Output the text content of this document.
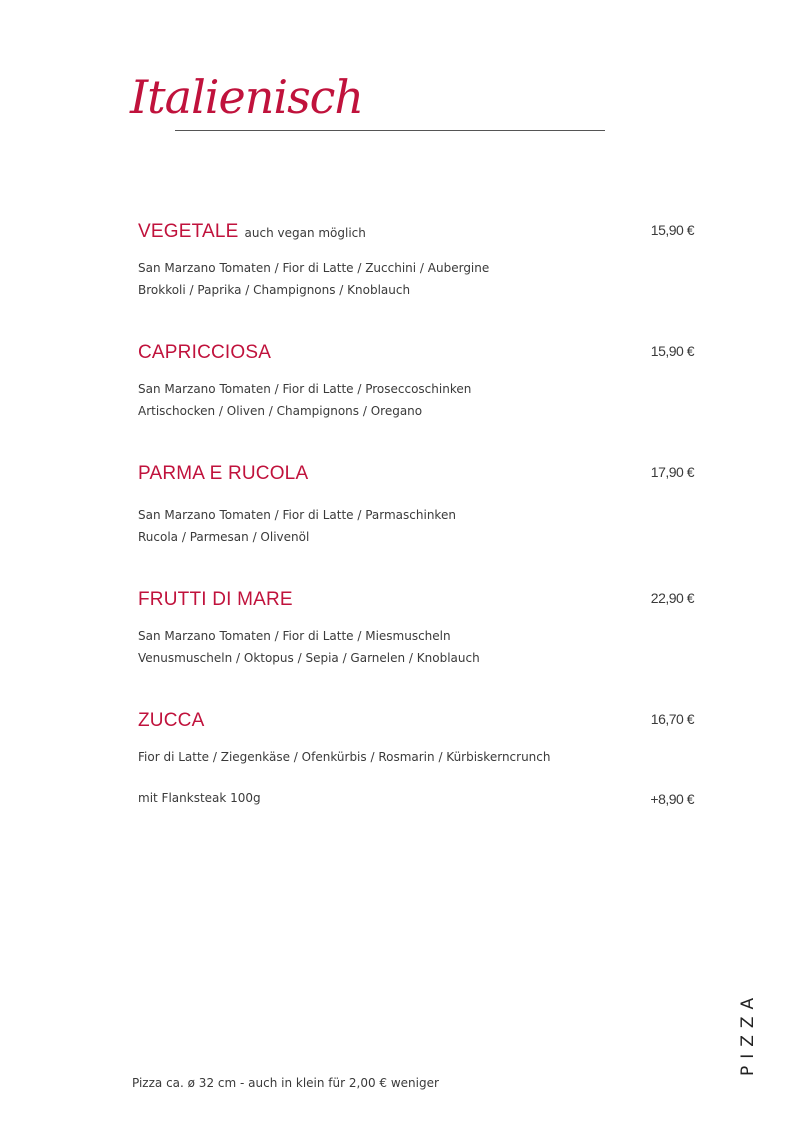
Italienisch
VEGETALE auch vegan möglich	15,90 €
San Marzano Tomaten / Fior di Latte / Zucchini / Aubergine
Brokkoli / Paprika / Champignons / Knoblauch
CAPRICCIOSA	15,90 €
San Marzano Tomaten / Fior di Latte / Proseccoschinken
Artischocken / Oliven / Champignons / Oregano
PARMA E RUCOLA	17,90 €
San Marzano Tomaten / Fior di Latte / Parmaschinken
Rucola / Parmesan / Olivenöl
FRUTTI DI MARE	22,90 €
San Marzano Tomaten / Fior di Latte / Miesmuscheln
Venusmuscheln / Oktopus / Sepia / Garnelen / Knoblauch
ZUCCA	16,70 €
Fior di Latte / Ziegenkäse / Ofenkürbis / Rosmarin / Kürbiskerncrunch
mit Flanksteak 100g	+8,90 €
Pizza ca. ø 32 cm - auch in klein für 2,00 € weniger
PIZZA
